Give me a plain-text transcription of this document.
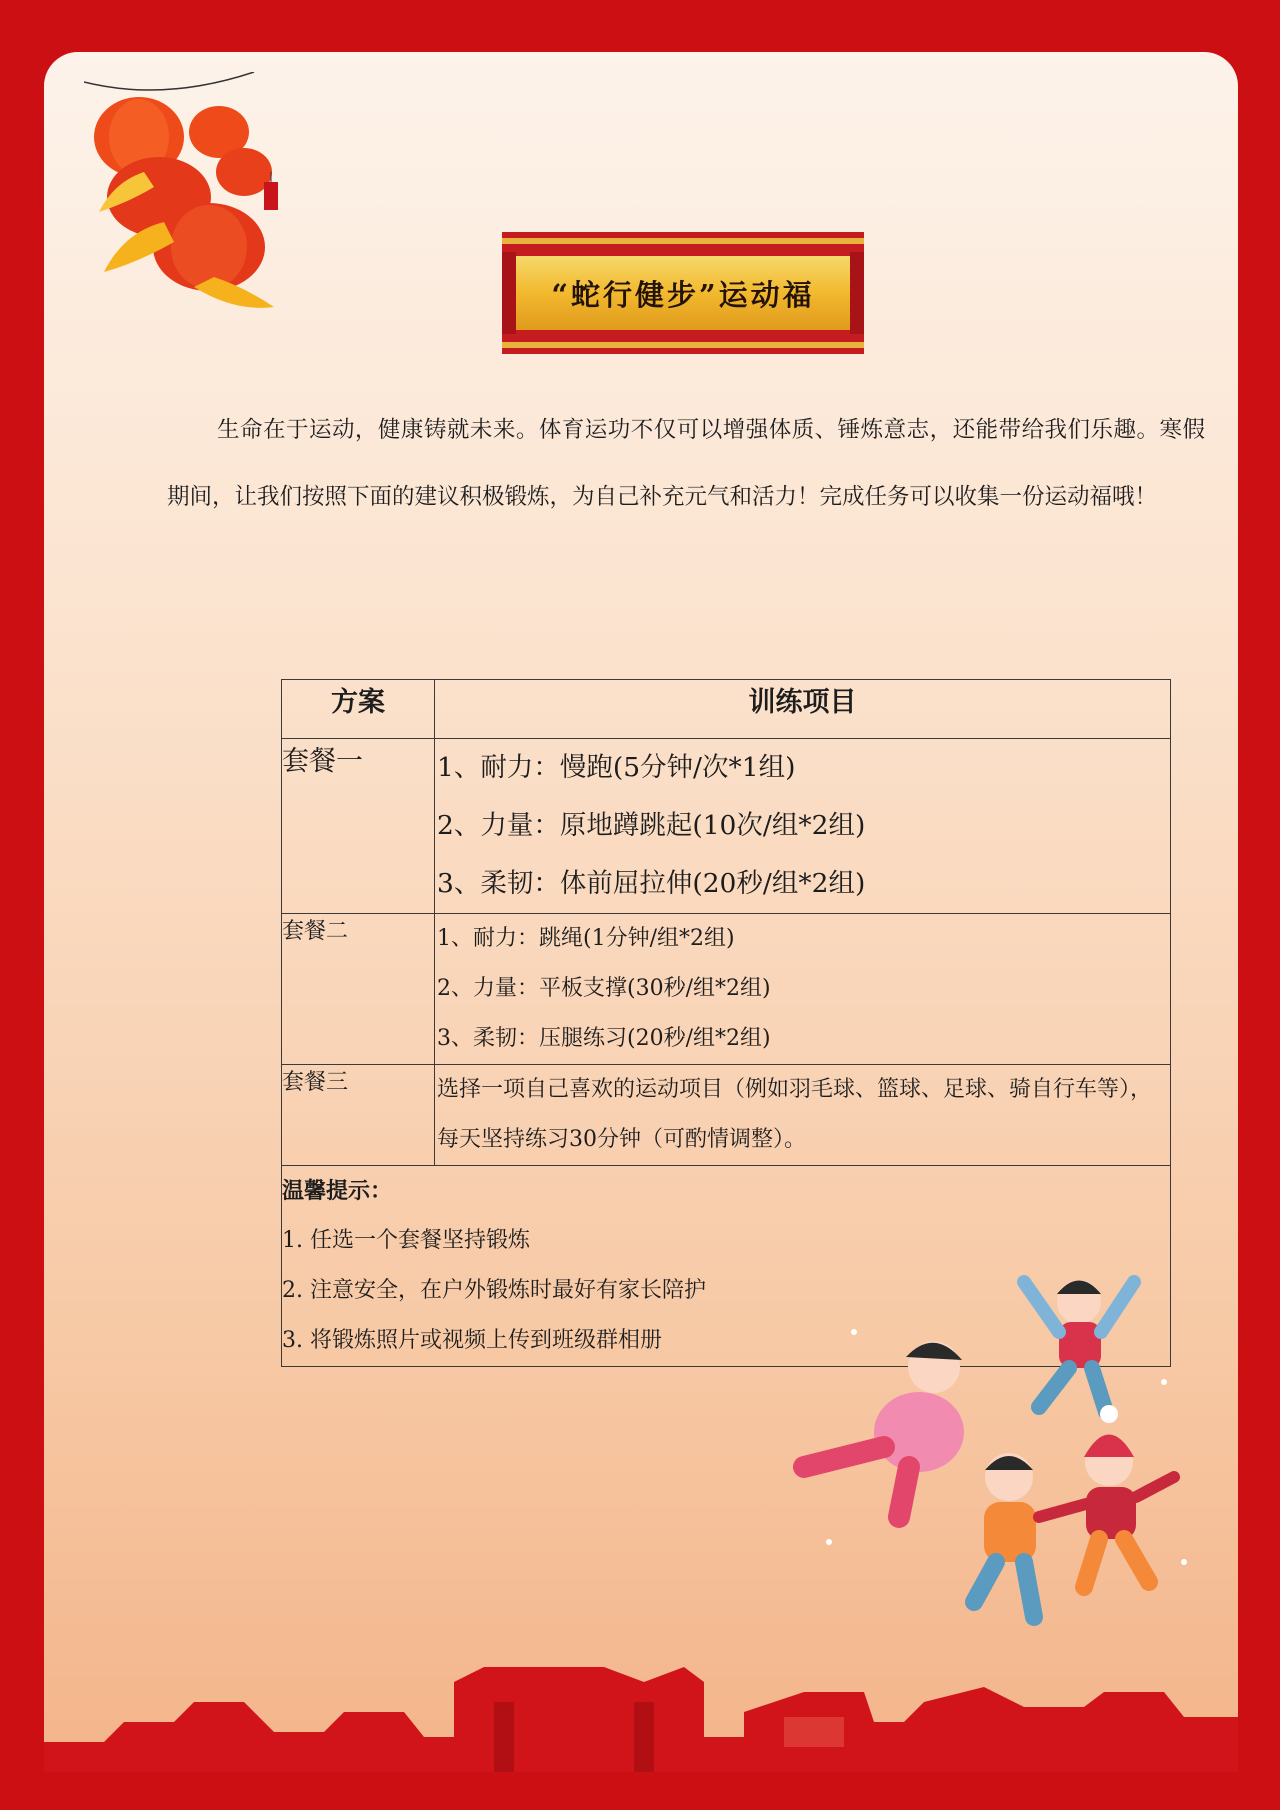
“蛇行健步”运动福

生命在于运动，健康铸就未来。体育运功不仅可以增强体质、锤炼意志，还能带给我们乐趣。寒假期间，让我们按照下面的建议积极锻炼，为自己补充元气和活力！完成任务可以收集一份运动福哦！

方案	训练项目
套餐一	1、耐力：慢跑(5分钟/次*1组)
2、力量：原地蹲跳起(10次/组*2组)
3、柔韧：体前屈拉伸(20秒/组*2组)

套餐二	1、耐力：跳绳(1分钟/组*2组)
2、力量：平板支撑(30秒/组*2组)
3、柔韧：压腿练习(20秒/组*2组)

套餐三	选择一项自己喜欢的运动项目（例如羽毛球、篮球、足球、骑自行车等），每天坚持练习30分钟（可酌情调整）。

温馨提示：
1. 任选一个套餐坚持锻炼
2. 注意安全，在户外锻炼时最好有家长陪护
3. 将锻炼照片或视频上传到班级群相册	
